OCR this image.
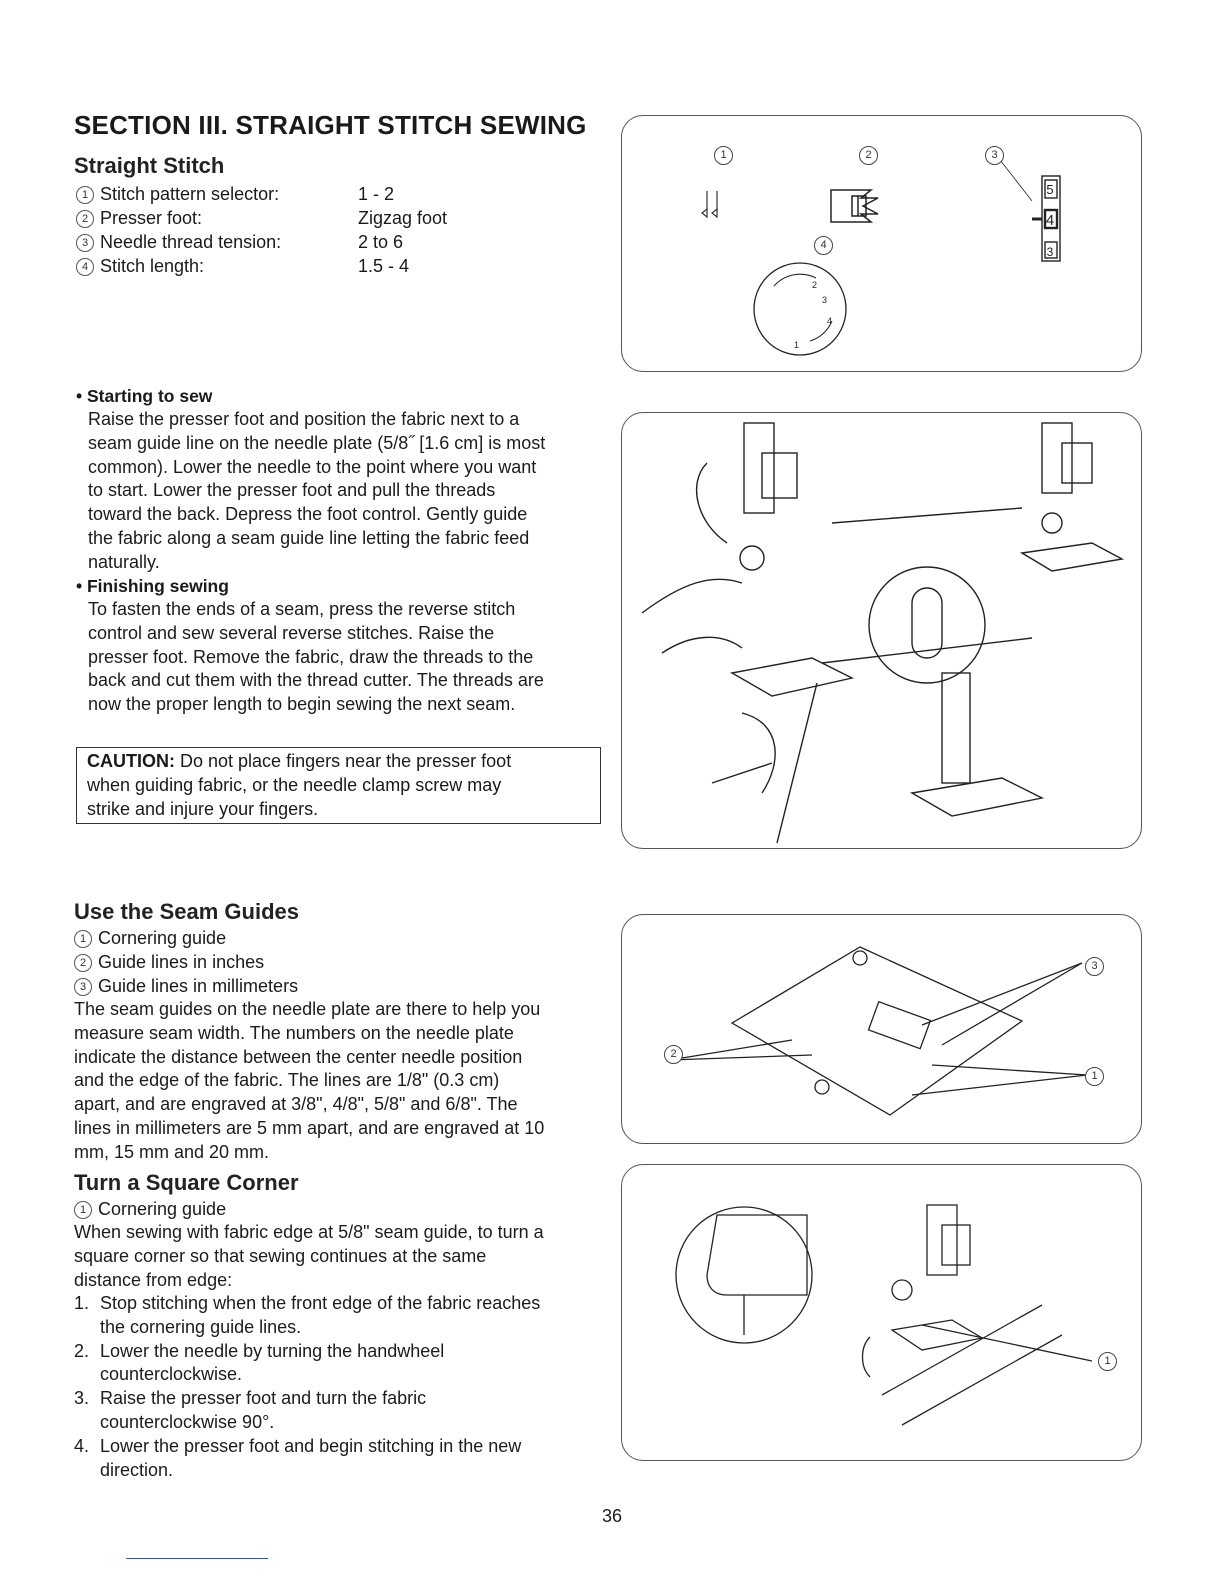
SECTION III. STRAIGHT STITCH SEWING
Straight Stitch
1 Stitch pattern selector:	1 - 2
2 Presser foot:	Zigzag foot
3 Needle thread tension:	2 to 6
4 Stitch length:	1.5 - 4
• Starting to sew
Raise the presser foot and position the fabric next to a
seam guide line on the needle plate (5/8˝ [1.6 cm] is most
common). Lower the needle to the point where you want
to start. Lower the presser foot and pull the threads
toward the back. Depress the foot control. Gently guide
the fabric along a seam guide line letting the fabric feed
naturally.
• Finishing sewing
To fasten the ends of a seam, press the reverse stitch
control and sew several reverse stitches. Raise the
presser foot. Remove the fabric, draw the threads to the
back and cut them with the thread cutter. The threads are
now the proper length to begin sewing the next seam.
CAUTION: Do not place fingers near the presser foot
when guiding fabric, or the needle clamp screw may
strike and injure your fingers.
Use the Seam Guides
1 Cornering guide
2 Guide lines in inches
3 Guide lines in millimeters
The seam guides on the needle plate are there to help you
measure seam width. The numbers on the needle plate
indicate the distance between the center needle position
and the edge of the fabric. The lines are 1/8" (0.3 cm)
apart, and are engraved at 3/8", 4/8", 5/8" and 6/8". The
lines in millimeters are 5 mm apart, and are engraved at 10
mm, 15 mm and 20 mm.
Turn a Square Corner
1 Cornering guide
When sewing with fabric edge at 5/8" seam guide, to turn a
square corner so that sewing continues at the same
distance from edge:
1. Stop stitching when the front edge of the fabric reaches
the cornering guide lines.
2. Lower the needle by turning the handwheel
counterclockwise.
3. Raise the presser foot and turn the fabric
counterclockwise 90°.
4. Lower the presser foot and begin stitching in the new
direction.
5
4
3
2
3
4
1
1	2	3
4
2
3
1
1
36
